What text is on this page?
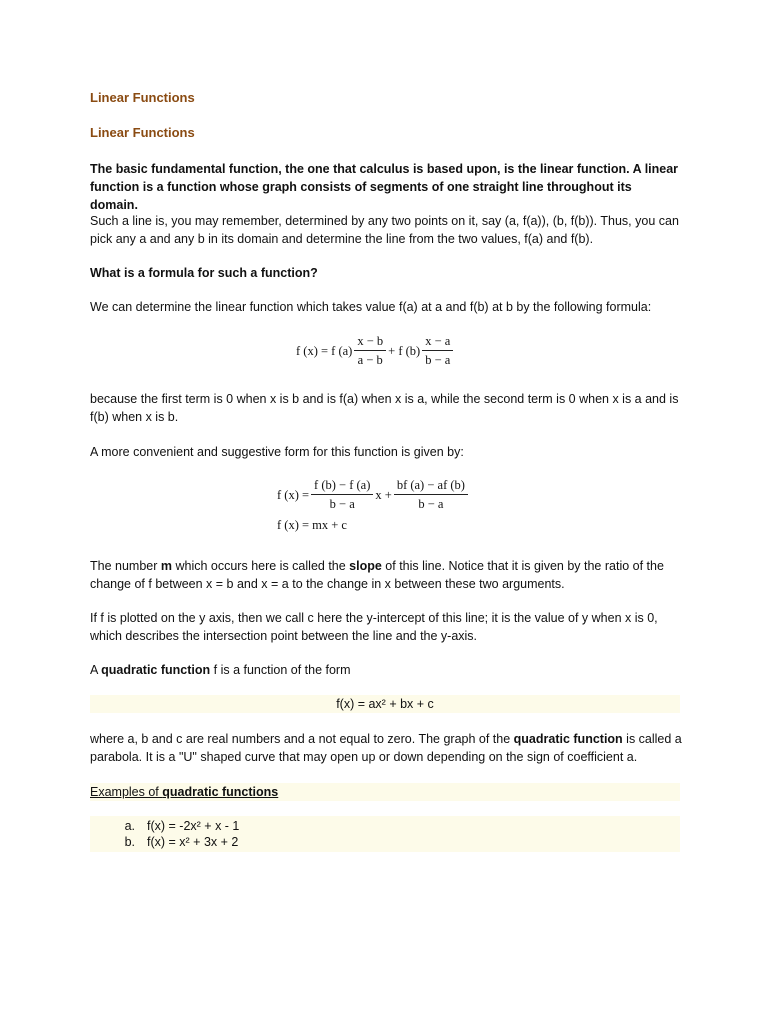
Linear Functions
Linear Functions
The basic fundamental function, the one that calculus is based upon, is the linear function. A linear function is a function whose graph consists of segments of one straight line throughout its domain.
Such a line is, you may remember, determined by any two points on it, say (a, f(a)), (b, f(b)). Thus, you can pick any a and any b in its domain and determine the line from the two values, f(a) and f(b).
What is a formula for such a function?
We can determine the linear function which takes value f(a) at a and f(b) at b by the following formula:
f (x) = f $(a) \frac{x - b}{a - b} + f$ $(b) \frac{x - a}{b - a}$
because the first term is 0 when x is b and is f(a) when x is a, while the second term is 0 when x is a and is f(b) when x is b.
A more convenient and suggestive form for this function is given by:
f $(x) = \frac{f (b) - f (a)}{b - a}$ $x + \frac{bf (a) - af (b)}{b - a}$
f (x) = mx + c
The number m which occurs here is called the slope of this line. Notice that it is given by the ratio of the change of f between x = b and x = a to the change in x between these two arguments.
If f is plotted on the y axis, then we call c here the y-intercept of this line; it is the value of y when x is 0, which describes the intersection point between the line and the y-axis.
A quadratic function f is a function of the form
f(x) = ax² + bx + c
where a, b and c are real numbers and a not equal to zero. The graph of the quadratic function is called a parabola. It is a "U" shaped curve that may open up or down depending on the sign of coefficient a.
Examples of quadratic functions
a. f(x) = -2x² + x - 1
b. f(x) = x² + 3x + 2
